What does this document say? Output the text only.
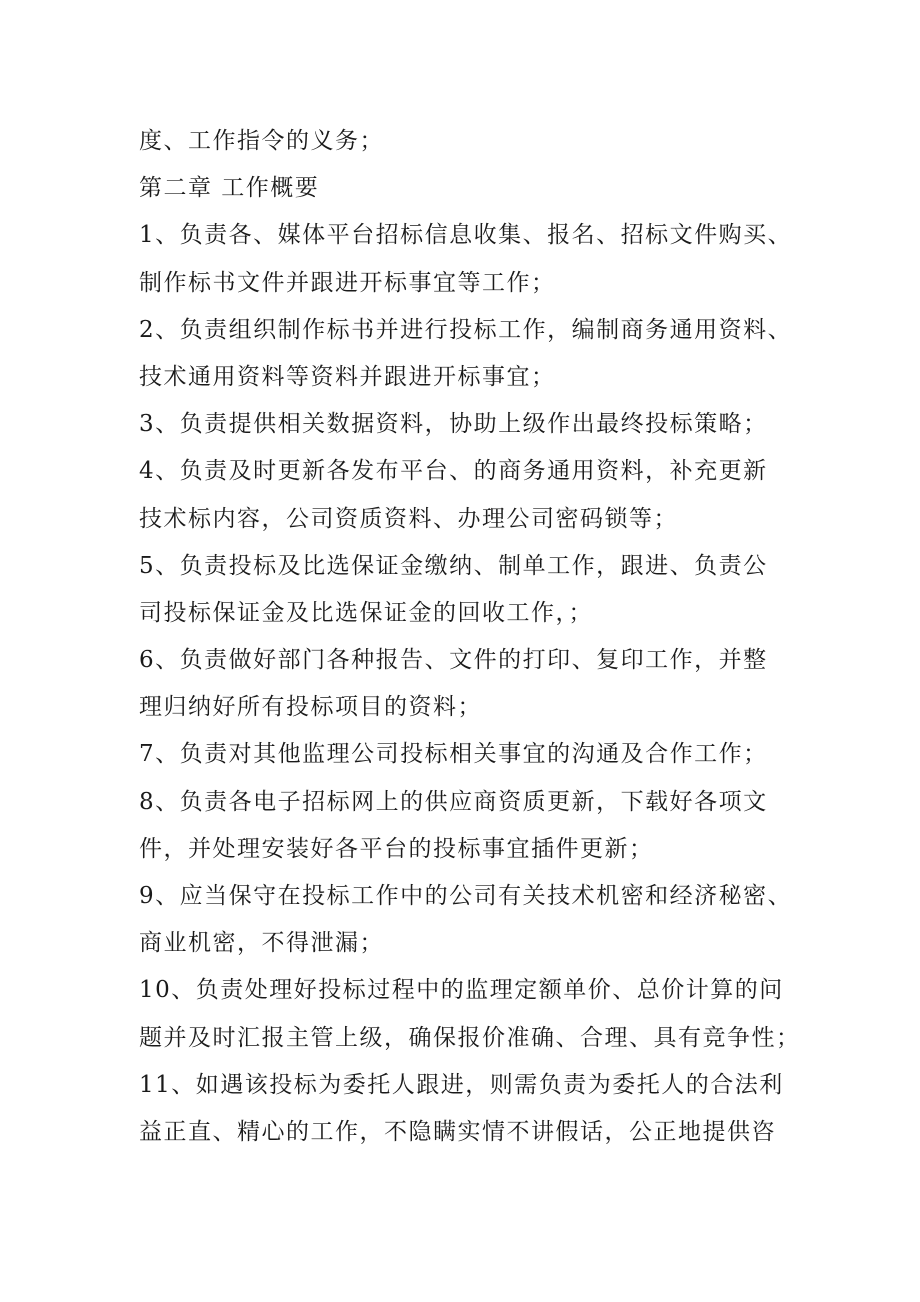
度、工作指令的义务；
第二章 工作概要
1、负责各、媒体平台招标信息收集、报名、招标文件购买、
制作标书文件并跟进开标事宜等工作；
2、负责组织制作标书并进行投标工作，编制商务通用资料、
技术通用资料等资料并跟进开标事宜；
3、负责提供相关数据资料，协助上级作出最终投标策略；
4、负责及时更新各发布平台、的商务通用资料，补充更新
技术标内容，公司资质资料、办理公司密码锁等；
5、负责投标及比选保证金缴纳、制单工作，跟进、负责公
司投标保证金及比选保证金的回收工作，；
6、负责做好部门各种报告、文件的打印、复印工作，并整
理归纳好所有投标项目的资料；
7、负责对其他监理公司投标相关事宜的沟通及合作工作；
8、负责各电子招标网上的供应商资质更新，下载好各项文
件，并处理安装好各平台的投标事宜插件更新；
9、应当保守在投标工作中的公司有关技术机密和经济秘密、
商业机密，不得泄漏；
10、负责处理好投标过程中的监理定额单价、总价计算的问
题并及时汇报主管上级，确保报价准确、合理、具有竞争性；
11、如遇该投标为委托人跟进，则需负责为委托人的合法利
益正直、精心的工作，不隐瞒实情不讲假话，公正地提供咨
